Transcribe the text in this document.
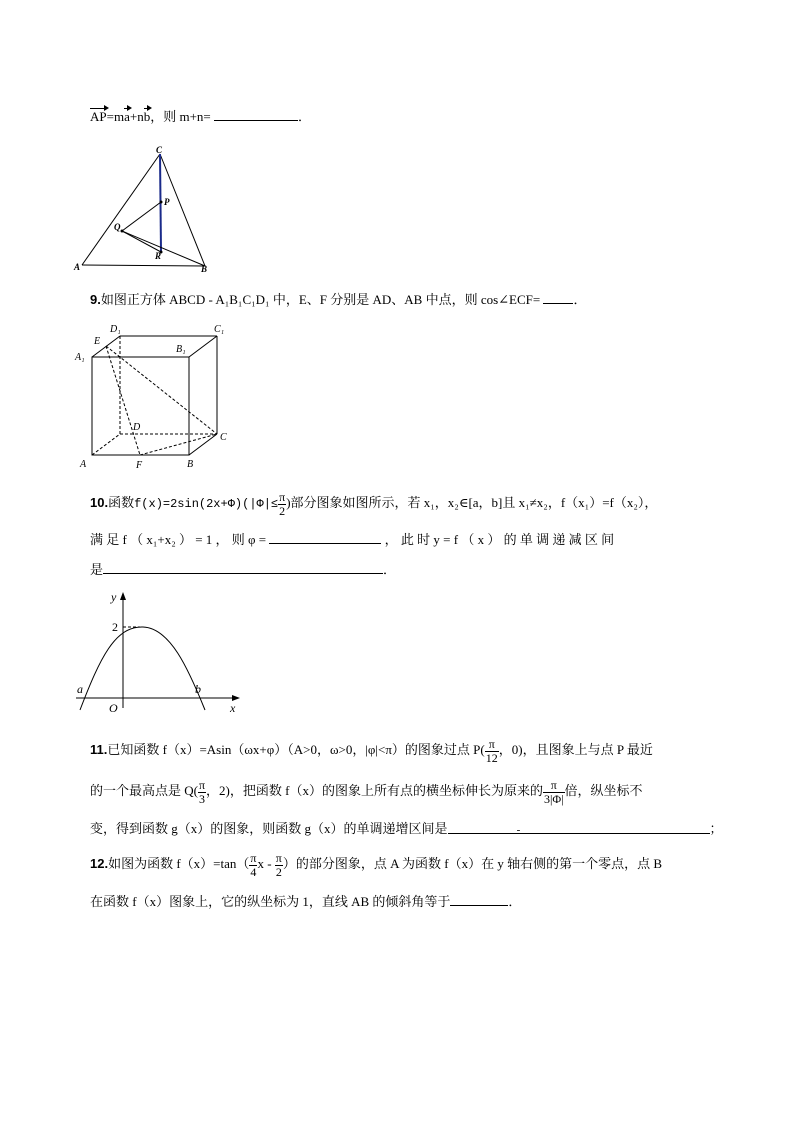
AP=ma+nb，则 m+n=	．
C
P
Q
R
A	B
9.如图正方体 ABCD - A₁B₁C₁D₁ 中，E、F 分别是 AD、AB 中点，则 cos∠ECF=	．
D₁	C₁
E
A₁
B₁
D
C
A	F	B
10.函数$f(x)=2\sin(2x+\Phi)(|\Phi|\le \frac{\pi}{2}$ )部分图象如图所示，若 x₁，x₂∈[a，b]且 x₁≠x₂，f（x₁）=f（x₂），
满 足 f （ x₁+x₂ ） = 1 ， 则 φ =	， 此 时 y = f （ x ） 的 单 调 递 减 区 间
是	．
y
2
a	b
O	x
11.已知函数 f（x）=Asin（ωx+φ）（A>0，ω>0，|φ|<π）的图象过点 $P( \frac{\pi}{12}$ ，0)，且图象上与点 P 最近
的一个最高点是 $Q( \frac{\pi}{3}$ ，2)，把函数 f（x）的图象上所有点的横坐标伸长为原来的 $\frac{\pi}{3|\Phi|}$ 倍，纵坐标不
变，得到函数 g（x）的图象，则函数 g（x）的单调递增区间是	-	；
12.如图为函数 $f(x)=\tan( \frac{\pi}{4}$ x - $\frac{\pi}{2}$ ）的部分图象，点 A 为函数 f（x）在 y 轴右侧的第一个零点，点 B
在函数 f（x）图象上，它的纵坐标为 1，直线 AB 的倾斜角等于	．
